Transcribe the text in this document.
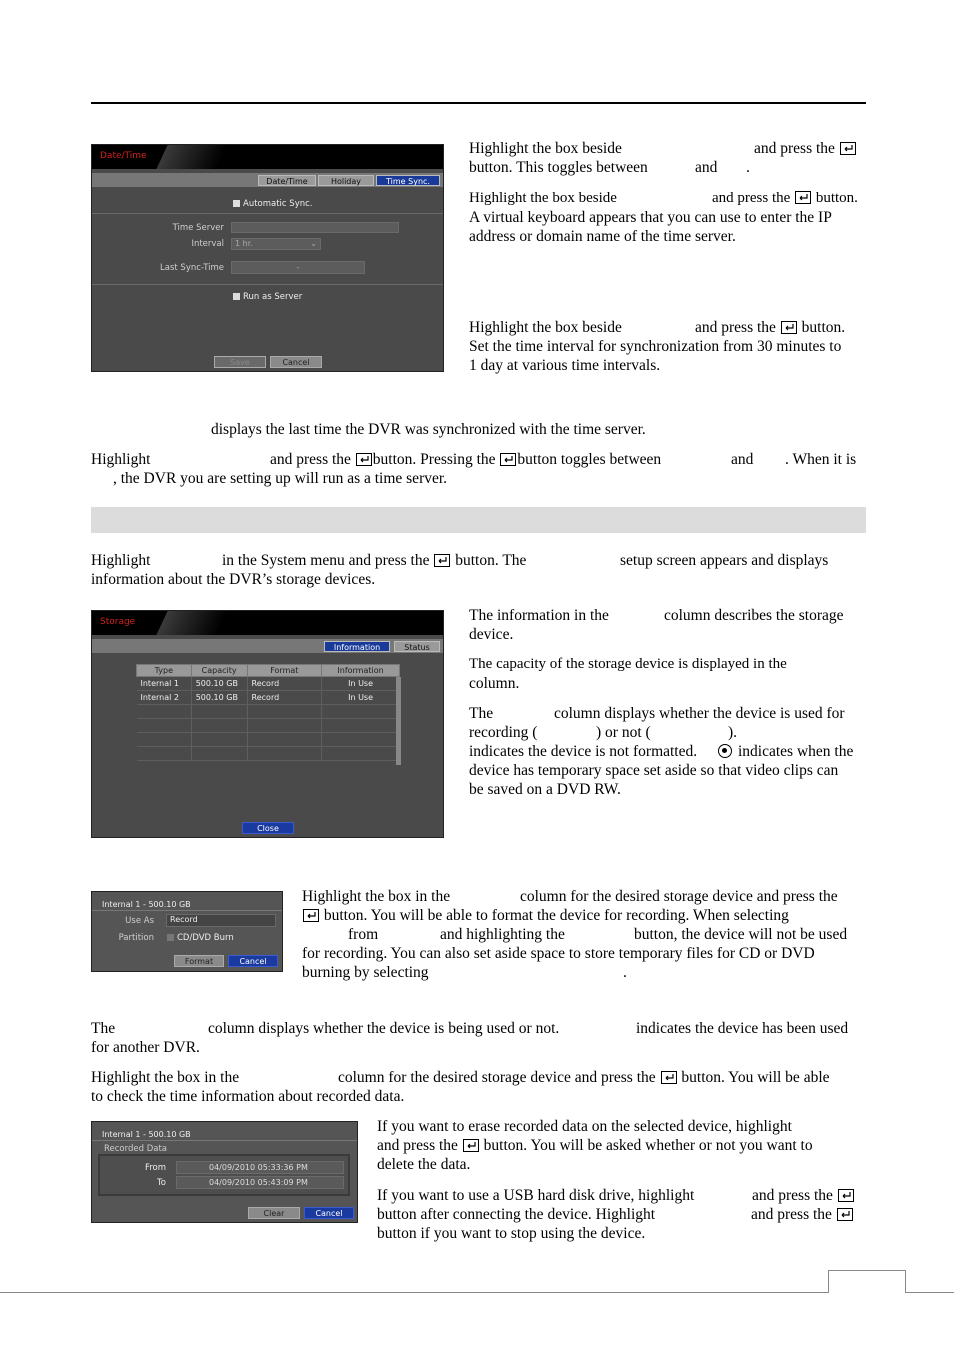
Date/Time
Date/Time	Holiday	Time Sync.
Automatic Sync.
Time Server
Interval	1 hr.	⌄
Last Sync-Time	-
Run as Server
Save	Cancel
Highlight the box beside	and press the
button. This toggles between	and .
Highlight the box beside	and press the button.
A virtual keyboard appears that you can use to enter the IP
address or domain name of the time server.
Highlight the box beside	and press the button.
Set the time interval for synchronization from 30 minutes to
1 day at various time intervals.
displays the last time the DVR was synchronized with the time server.
Highlight	and press the button. Pressing the button toggles between	and . When it is
, the DVR you are setting up will run as a time server.
Highlight	in the System menu and press the button. The	setup screen appears and displays
information about the DVR’s storage devices.
Storage
Information	Status
Type	Capacity	Format	Information
Internal 1	500.10 GB	Record	In Use
Internal 2	500.10 GB	Record	In Use

Close
The information in the	column describes the storage
device.
The capacity of the storage device is displayed in the
column.
The	column displays whether the device is used for
recording (	) or not (	).
indicates the device is not formatted.	indicates when the
device has temporary space set aside so that video clips can
be saved on a DVD RW.
Internal 1 - 500.10 GB
Use As	Record
Partition	CD/DVD Burn
Format	Cancel
Highlight the box in the	column for the desired storage device and press the
button. You will be able to format the device for recording. When selecting
from	and highlighting the	button, the device will not be used
for recording. You can also set aside space to store temporary files for CD or DVD
burning by selecting	.
The	column displays whether the device is being used or not.	indicates the device has been used
for another DVR.
Highlight the box in the	column for the desired storage device and press the button. You will be able
to check the time information about recorded data.
Internal 1 - 500.10 GB
Recorded Data
From	04/09/2010 05:33:36 PM
To	04/09/2010 05:43:09 PM
Clear	Cancel
If you want to erase recorded data on the selected device, highlight
and press the button. You will be asked whether or not you want to
delete the data.
If you want to use a USB hard disk drive, highlight	and press the
button after connecting the device. Highlight	and press the
button if you want to stop using the device.
